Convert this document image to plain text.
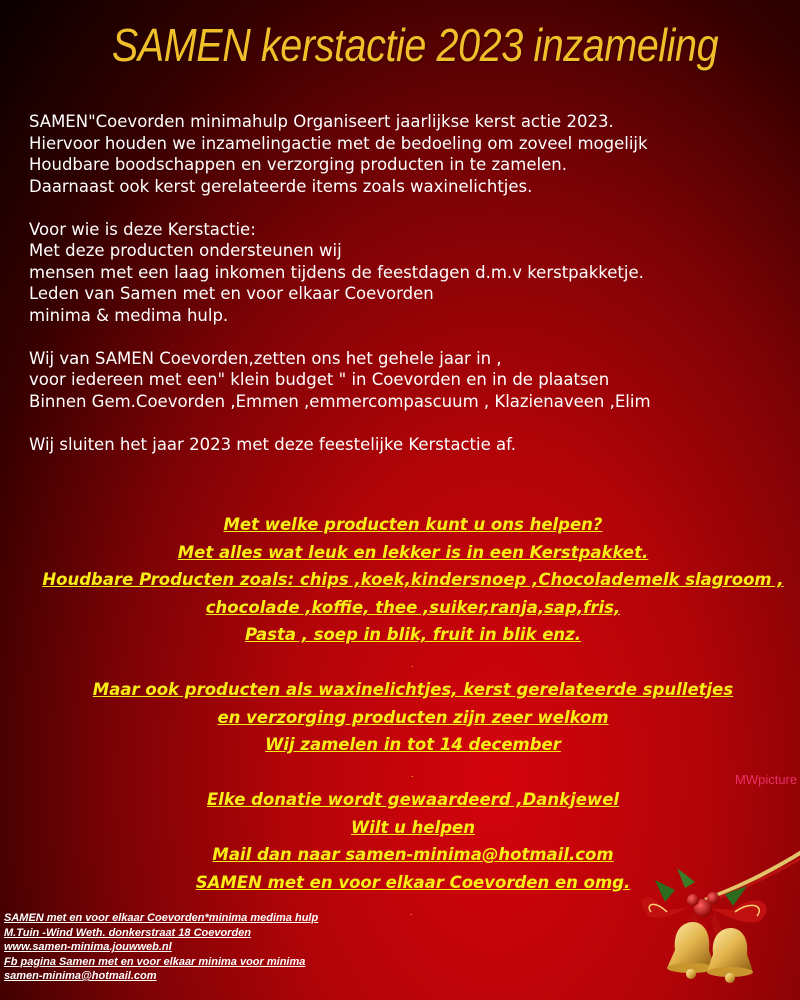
SAMEN kerstactie 2023 inzameling

SAMEN"Coevorden minimahulp Organiseert jaarlijkse kerst actie 2023.
Hiervoor houden we inzamelingactie met de bedoeling om zoveel mogelijk
Houdbare boodschappen en verzorging producten in te zamelen.
Daarnaast ook kerst gerelateerde items zoals waxinelichtjes.

Voor wie is deze Kerstactie:
Met deze producten ondersteunen wij
mensen met een laag inkomen tijdens de feestdagen d.m.v kerstpakketje.
Leden van Samen met en voor elkaar Coevorden
minima & medima hulp.

Wij van SAMEN Coevorden,zetten ons het gehele jaar in ,
voor iedereen met een" klein budget " in Coevorden en in de plaatsen
Binnen Gem.Coevorden ,Emmen ,emmercompascuum , Klazienaveen ,Elim

Wij sluiten het jaar 2023 met deze feestelijke Kerstactie af.

Met welke producten kunt u ons helpen?
Met alles wat leuk en lekker is in een Kerstpakket.
Houdbare Producten zoals: chips ,koek,kindersnoep ,Chocolademelk slagroom ,
chocolade ,koffie, thee ,suiker,ranja,sap,fris,
Pasta , soep in blik, fruit in blik enz.
.
Maar ook producten als waxinelichtjes, kerst gerelateerde spulletjes
en verzorging producten zijn zeer welkom
Wij zamelen in tot 14 december
.
Elke donatie wordt gewaardeerd ,Dankjewel
Wilt u helpen
Mail dan naar samen-minima@hotmail.com
SAMEN met en voor elkaar Coevorden en omg.
.
MWpicture
SAMEN met en voor elkaar Coevorden*minima medima hulp
M.Tuin -Wind Weth. donkerstraat 18 Coevorden
www.samen-minima.jouwweb.nl
Fb pagina Samen met en voor elkaar minima voor minima
samen-minima@hotmail.com
